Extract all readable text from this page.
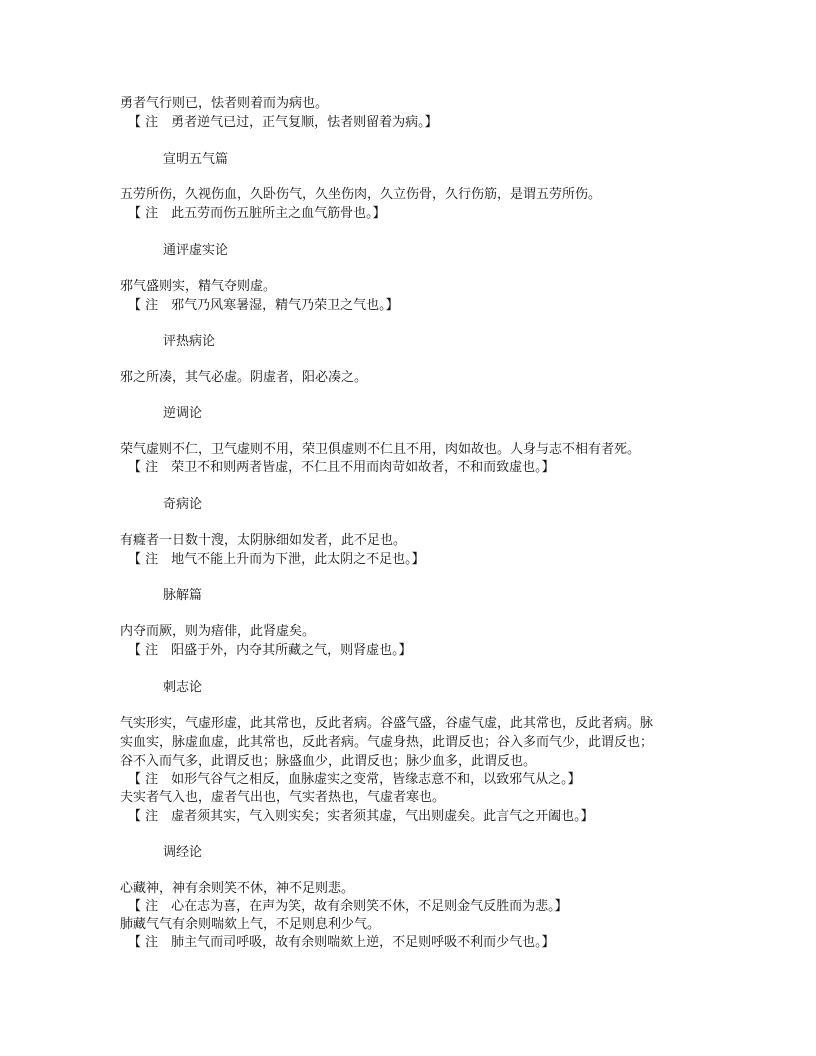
勇者气行则已，怯者则着而为病也。
【 注　勇者逆气已过，正气复顺，怯者则留着为病。】
宣明五气篇
五劳所伤，久视伤血，久卧伤气，久坐伤肉，久立伤骨，久行伤筋，是谓五劳所伤。
【 注　此五劳而伤五脏所主之血气筋骨也。】
通评虚实论
邪气盛则实，精气夺则虚。
【 注　邪气乃风寒暑湿，精气乃荣卫之气也。】
评热病论
邪之所凑，其气必虚。阴虚者，阳必凑之。
逆调论
荣气虚则不仁，卫气虚则不用，荣卫俱虚则不仁且不用，肉如故也。人身与志不相有者死。
【 注　荣卫不和则两者皆虚，不仁且不用而肉苛如故者，不和而致虚也。】
奇病论
有癃者一日数十溲，太阴脉细如发者，此不足也。
【 注　地气不能上升而为下泄，此太阴之不足也。】
脉解篇
内夺而厥，则为瘖俳，此肾虚矣。
【 注　阳盛于外，内夺其所藏之气，则肾虚也。】
刺志论
气实形实，气虚形虚，此其常也，反此者病。谷盛气盛，谷虚气虚，此其常也，反此者病。脉
实血实，脉虚血虚，此其常也，反此者病。气虚身热，此谓反也；谷入多而气少，此谓反也；
谷不入而气多，此谓反也；脉盛血少，此谓反也；脉少血多，此谓反也。
【 注　如形气谷气之相反，血脉虚实之变常，皆缘志意不和，以致邪气从之。】
夫实者气入也，虚者气出也，气实者热也，气虚者寒也。
【 注　虚者须其实，气入则实矣；实者须其虚，气出则虚矣。此言气之开阖也。】
调经论
心藏神，神有余则笑不休，神不足则悲。
【 注　心在志为喜，在声为笑，故有余则笑不休，不足则金气反胜而为悲。】
肺藏气气有余则喘欬上气，不足则息利少气。
【 注　肺主气而司呼吸，故有余则喘欬上逆，不足则呼吸不利而少气也。】
